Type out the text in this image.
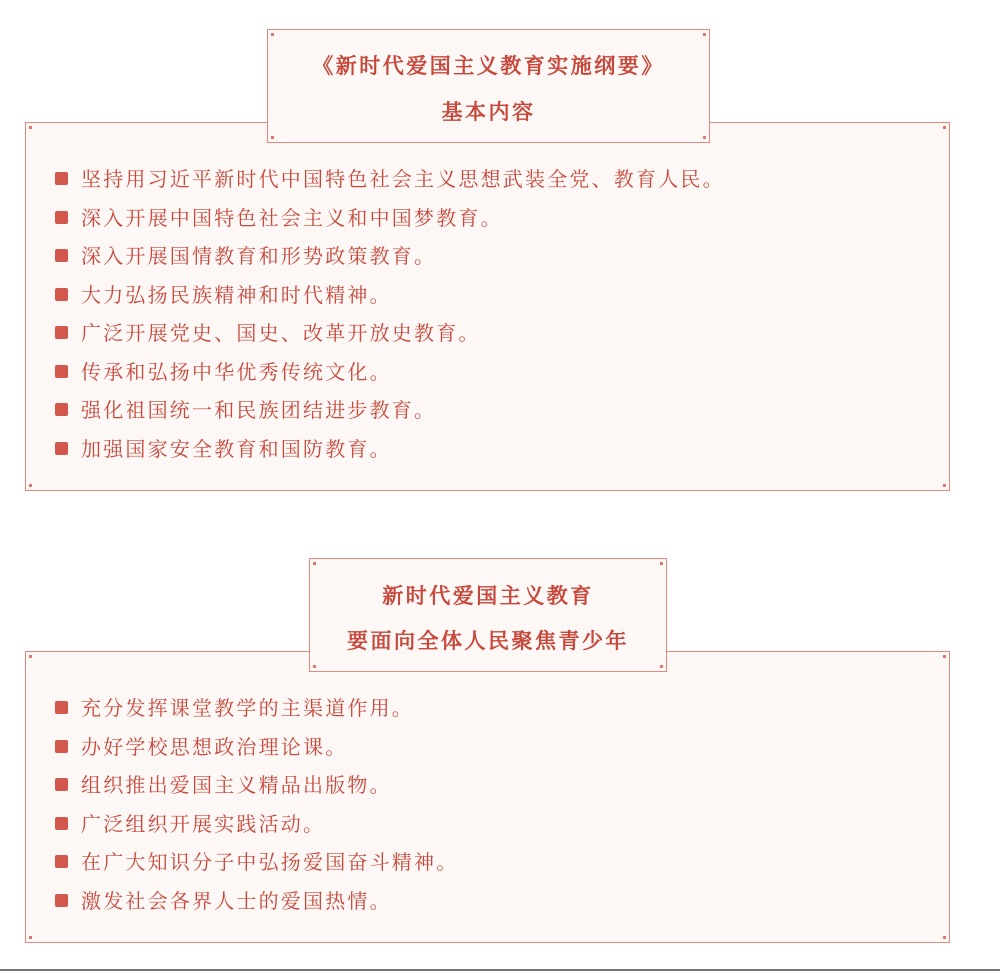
《新时代爱国主义教育实施纲要》
基本内容
坚持用习近平新时代中国特色社会主义思想武装全党、教育人民。
深入开展中国特色社会主义和中国梦教育。
深入开展国情教育和形势政策教育。
大力弘扬民族精神和时代精神。
广泛开展党史、国史、改革开放史教育。
传承和弘扬中华优秀传统文化。
强化祖国统一和民族团结进步教育。
加强国家安全教育和国防教育。
新时代爱国主义教育
要面向全体人民聚焦青少年
充分发挥课堂教学的主渠道作用。
办好学校思想政治理论课。
组织推出爱国主义精品出版物。
广泛组织开展实践活动。
在广大知识分子中弘扬爱国奋斗精神。
激发社会各界人士的爱国热情。
